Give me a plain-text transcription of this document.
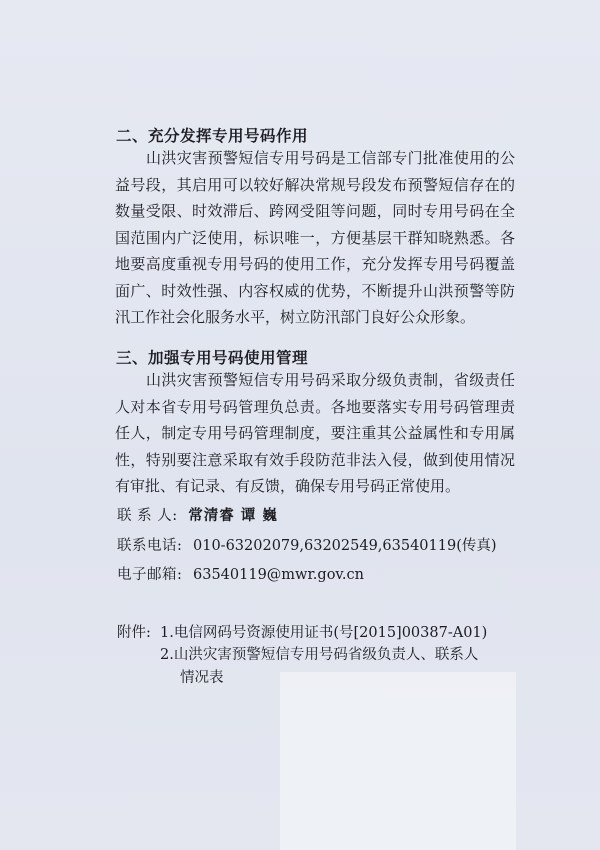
二、充分发挥专用号码作用

山洪灾害预警短信专用号码是工信部专门批准使用的公益号段，其启用可以较好解决常规号段发布预警短信存在的数量受限、时效滞后、跨网受阻等问题，同时专用号码在全国范围内广泛使用，标识唯一，方便基层干群知晓熟悉。各地要高度重视专用号码的使用工作，充分发挥专用号码覆盖面广、时效性强、内容权威的优势，不断提升山洪预警等防汛工作社会化服务水平，树立防汛部门良好公众形象。

三、加强专用号码使用管理

山洪灾害预警短信专用号码采取分级负责制，省级责任人对本省专用号码管理负总责。各地要落实专用号码管理责任人，制定专用号码管理制度，要注重其公益属性和专用属性，特别要注意采取有效手段防范非法入侵，做到使用情况有审批、有记录、有反馈，确保专用号码正常使用。

联 系 人: 常清睿 谭 巍
联系电话: 010-63202079,63202549,63540119(传真)
电子邮箱: 63540119@mwr.gov.cn
附件: 1.电信网码号资源使用证书(号[2015]00387-A01)
2.山洪灾害预警短信专用号码省级负责人、联系人
情况表
